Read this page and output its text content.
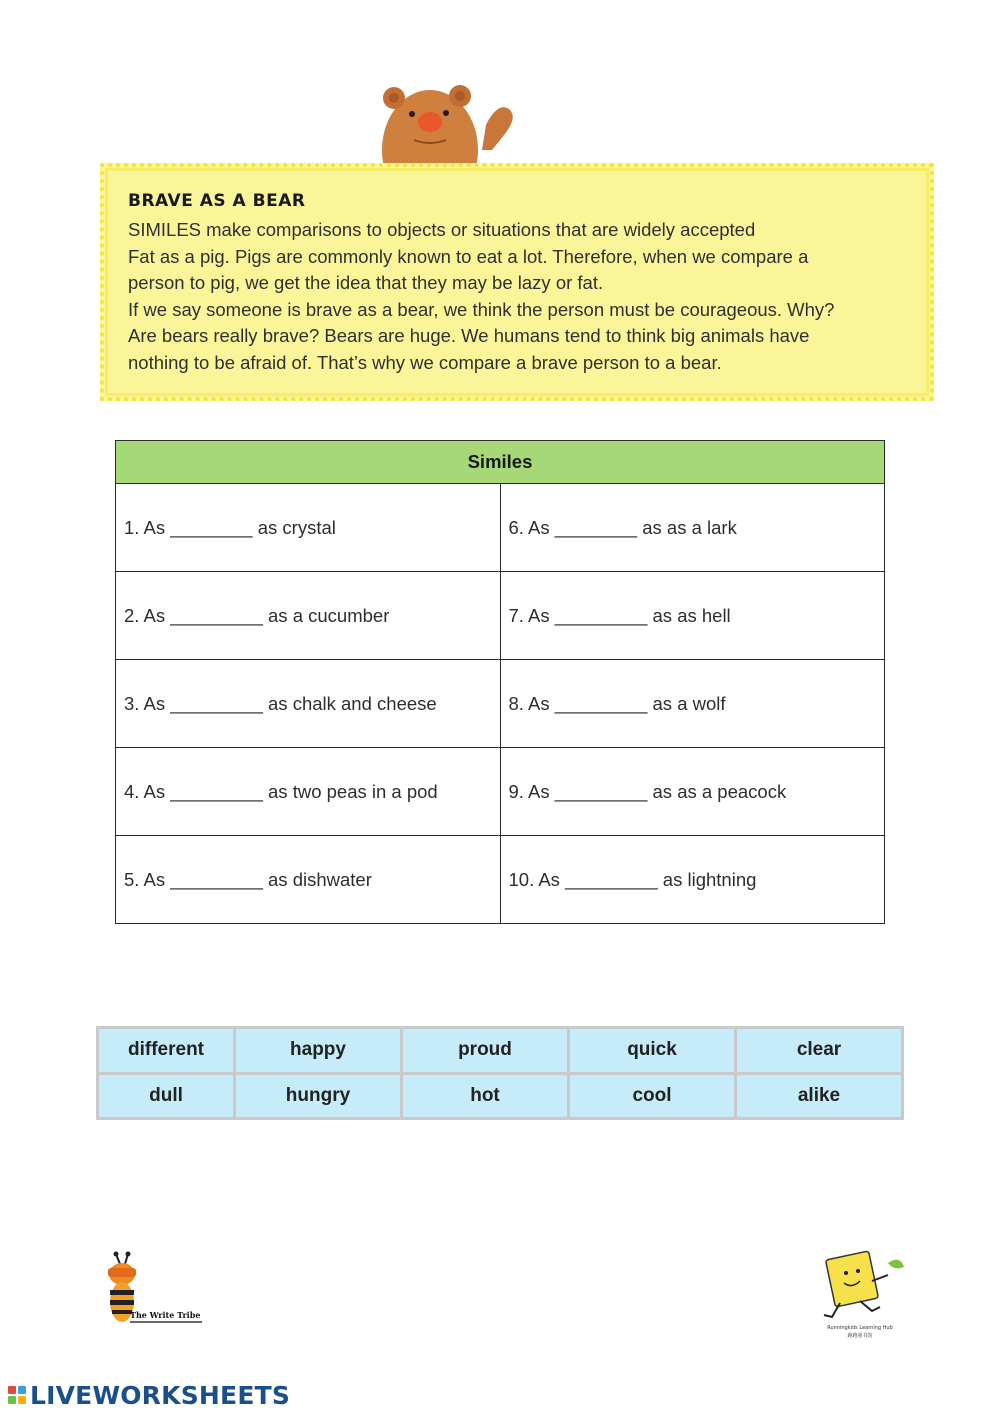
BRAVE AS A BEAR
SIMILES make comparisons to objects or situations that are widely accepted
Fat as a pig. Pigs are commonly known to eat a lot. Therefore, when we compare a
person to pig, we get the idea that they may be lazy or fat.
If we say someone is brave as a bear, we think the person must be courageous. Why?
Are bears really brave? Bears are huge. We humans tend to think big animals have
nothing to be afraid of. That’s why we compare a brave person to a bear.
Similes	
1. As ________ as crystal	6. As ________ as as a lark
2. As _________ as a cucumber	7. As _________ as as hell
3. As _________ as chalk and cheese	8. As _________ as a wolf
4. As _________ as two peas in a pod	9. As _________ as as a peacock
5. As _________ as dishwater	10. As _________ as lightning
different	happy	proud	quick	clear
dull	hungry	hot	cool	alike
The Write Tribe
Runningkids Learning Hub
跑跑童书馆
LIVEWORKSHEETS
